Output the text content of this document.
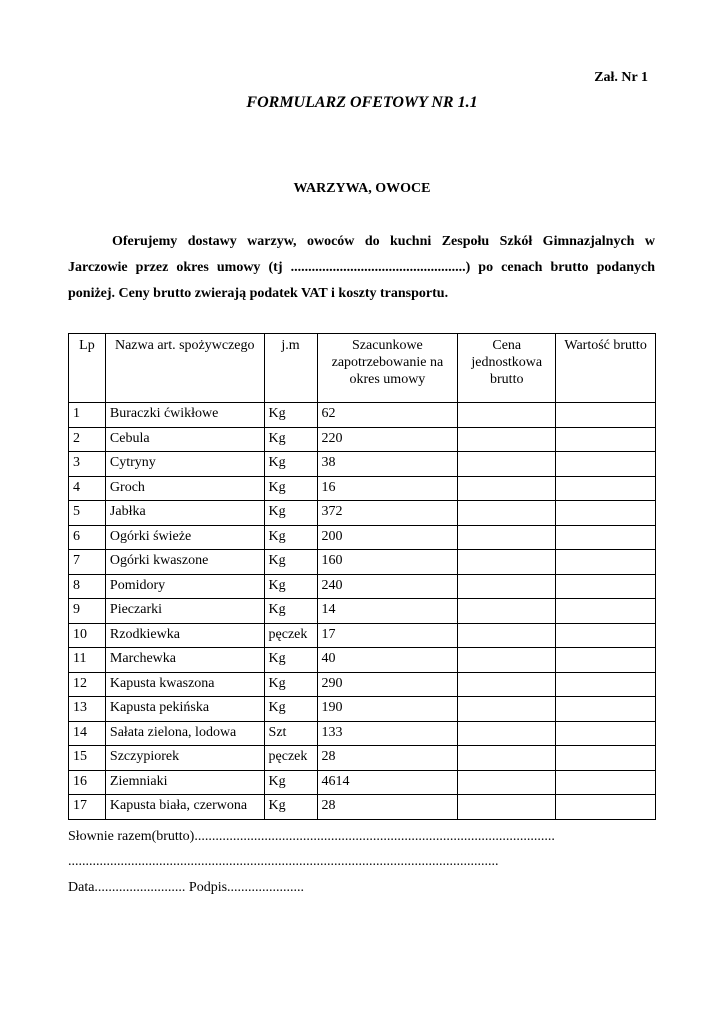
Zał. Nr 1
FORMULARZ OFETOWY NR 1.1
WARZYWA, OWOCE

Oferujemy dostawy warzyw, owoców do kuchni Zespołu Szkół Gimnazjalnych w Jarczowie przez okres umowy (tj ..................................................) po cenach brutto podanych poniżej. Ceny brutto zwierają podatek VAT i koszty transportu.

Lp	Nazwa art. spożywczego	j.m	Szacunkowe zapotrzebowanie na okres umowy	Cena jednostkowa brutto	Wartość brutto
1	Buraczki ćwikłowe	Kg	62		
2	Cebula	Kg	220		
3	Cytryny	Kg	38		
4	Groch	Kg	16		
5	Jabłka	Kg	372		
6	Ogórki świeże	Kg	200		
7	Ogórki kwaszone	Kg	160		
8	Pomidory	Kg	240		
9	Pieczarki	Kg	14		
10	Rzodkiewka	pęczek	17		
11	Marchewka	Kg	40		
12	Kapusta kwaszona	Kg	290		
13	Kapusta pekińska	Kg	190		
14	Sałata zielona, lodowa	Szt	133		
15	Szczypiorek	pęczek	28		
16	Ziemniaki	Kg	4614		
17	Kapusta biała, czerwona	Kg	28		
Słownie razem(brutto).......................................................................................................
...........................................................................................................................
Data.......................... Podpis......................
